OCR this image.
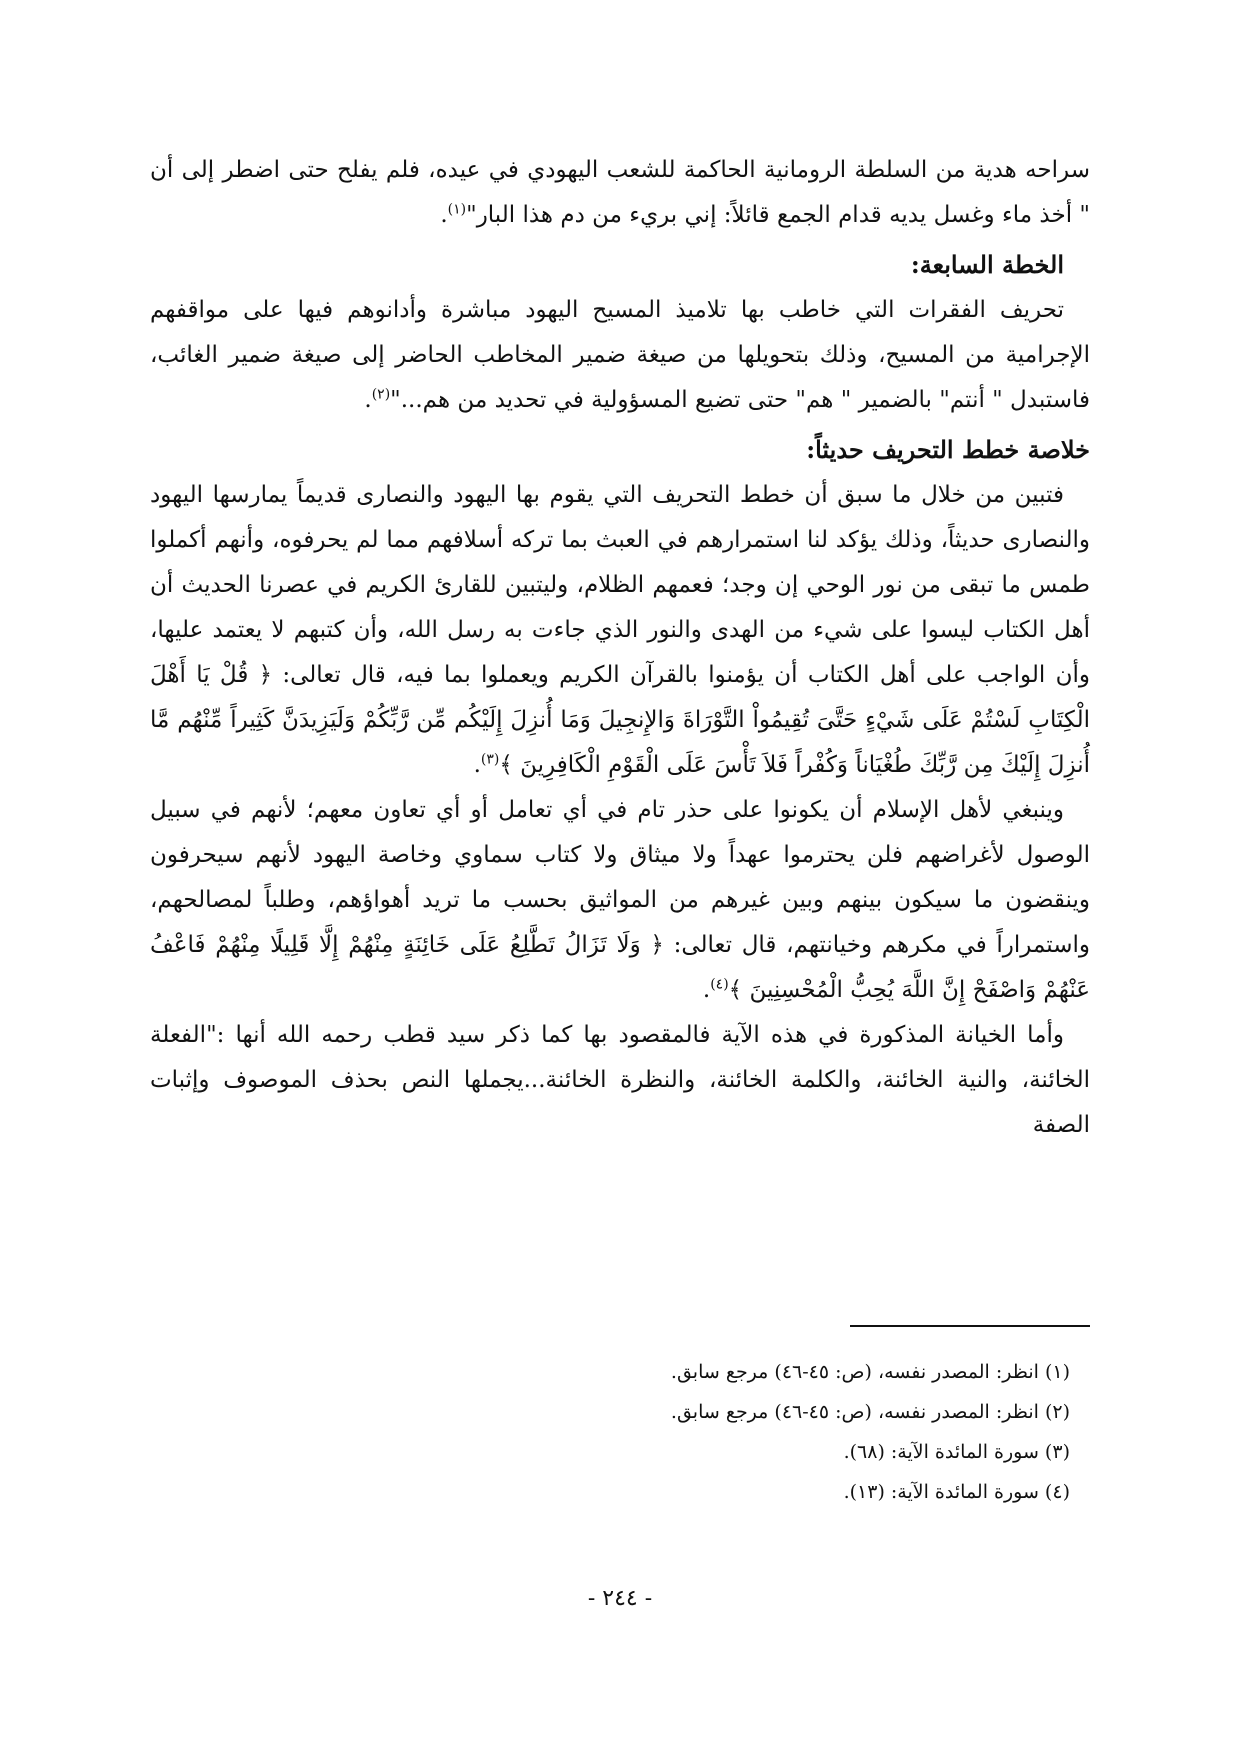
سراحه هدية من السلطة الرومانية الحاكمة للشعب اليهودي في عيده، فلم يفلح حتى اضطر إلى أن " أخذ ماء وغسل يديه قدام الجمع قائلاً: إني بريء من دم هذا البار"$^{(١)}$.

الخطة السابعة:

تحريف الفقرات التي خاطب بها تلاميذ المسيح اليهود مباشرة وأدانوهم فيها على مواقفهم الإجرامية من المسيح، وذلك بتحويلها من صيغة ضمير المخاطب الحاضر إلى صيغة ضمير الغائب، فاستبدل " أنتم" بالضمير " هم" حتى تضيع المسؤولية في تحديد من هم..."$^{(٢)}$.

خلاصة خطط التحريف حديثاً:

فتبين من خلال ما سبق أن خطط التحريف التي يقوم بها اليهود والنصارى قديماً يمارسها اليهود والنصارى حديثاً، وذلك يؤكد لنا استمرارهم في العبث بما تركه أسلافهم مما لم يحرفوه، وأنهم أكملوا طمس ما تبقى من نور الوحي إن وجد؛ فعمهم الظلام، وليتبين للقارئ الكريم في عصرنا الحديث أن أهل الكتاب ليسوا على شيء من الهدى والنور الذي جاءت به رسل الله، وأن كتبهم لا يعتمد عليها، وأن الواجب على أهل الكتاب أن يؤمنوا بالقرآن الكريم ويعملوا بما فيه، قال تعالى: ﴿ قُلْ يَا أَهْلَ الْكِتَابِ لَسْتُمْ عَلَى شَيْءٍ حَتَّىَ تُقِيمُواْ التَّوْرَاةَ وَالإِنجِيلَ وَمَا أُنزِلَ إِلَيْكُم مِّن رَّبِّكُمْ وَلَيَزِيدَنَّ كَثِيراً مِّنْهُم مَّا أُنزِلَ إِلَيْكَ مِن رَّبِّكَ طُغْيَاناً وَكُفْراً فَلاَ تَأْسَ عَلَى الْقَوْمِ الْكَافِرِينَ ﴾$^{(٣)}$.

وينبغي لأهل الإسلام أن يكونوا على حذر تام في أي تعامل أو أي تعاون معهم؛ لأنهم في سبيل الوصول لأغراضهم فلن يحترموا عهداً ولا ميثاق ولا كتاب سماوي وخاصة اليهود لأنهم سيحرفون وينقضون ما سيكون بينهم وبين غيرهم من المواثيق بحسب ما تريد أهواؤهم، وطلباً لمصالحهم، واستمراراً في مكرهم وخيانتهم، قال تعالى: ﴿ وَلَا تَزَالُ تَطَّلِعُ عَلَى خَائِنَةٍ مِنْهُمْ إِلَّا قَلِيلًا مِنْهُمْ فَاعْفُ عَنْهُمْ وَاصْفَحْ إِنَّ اللَّهَ يُحِبُّ الْمُحْسِنِينَ ﴾$^{(٤)}$.

وأما الخيانة المذكورة في هذه الآية فالمقصود بها كما ذكر سيد قطب رحمه الله أنها :"الفعلة الخائنة، والنية الخائنة، والكلمة الخائنة، والنظرة الخائنة...يجملها النص بحذف الموصوف وإثبات الصفة

(١) انظر: المصدر نفسه، (ص: ٤٥-٤٦) مرجع سابق.

(٢) انظر: المصدر نفسه، (ص: ٤٥-٤٦) مرجع سابق.

(٣) سورة المائدة الآية: (٦٨).

(٤) سورة المائدة الآية: (١٣).

- ٢٤٤ -
